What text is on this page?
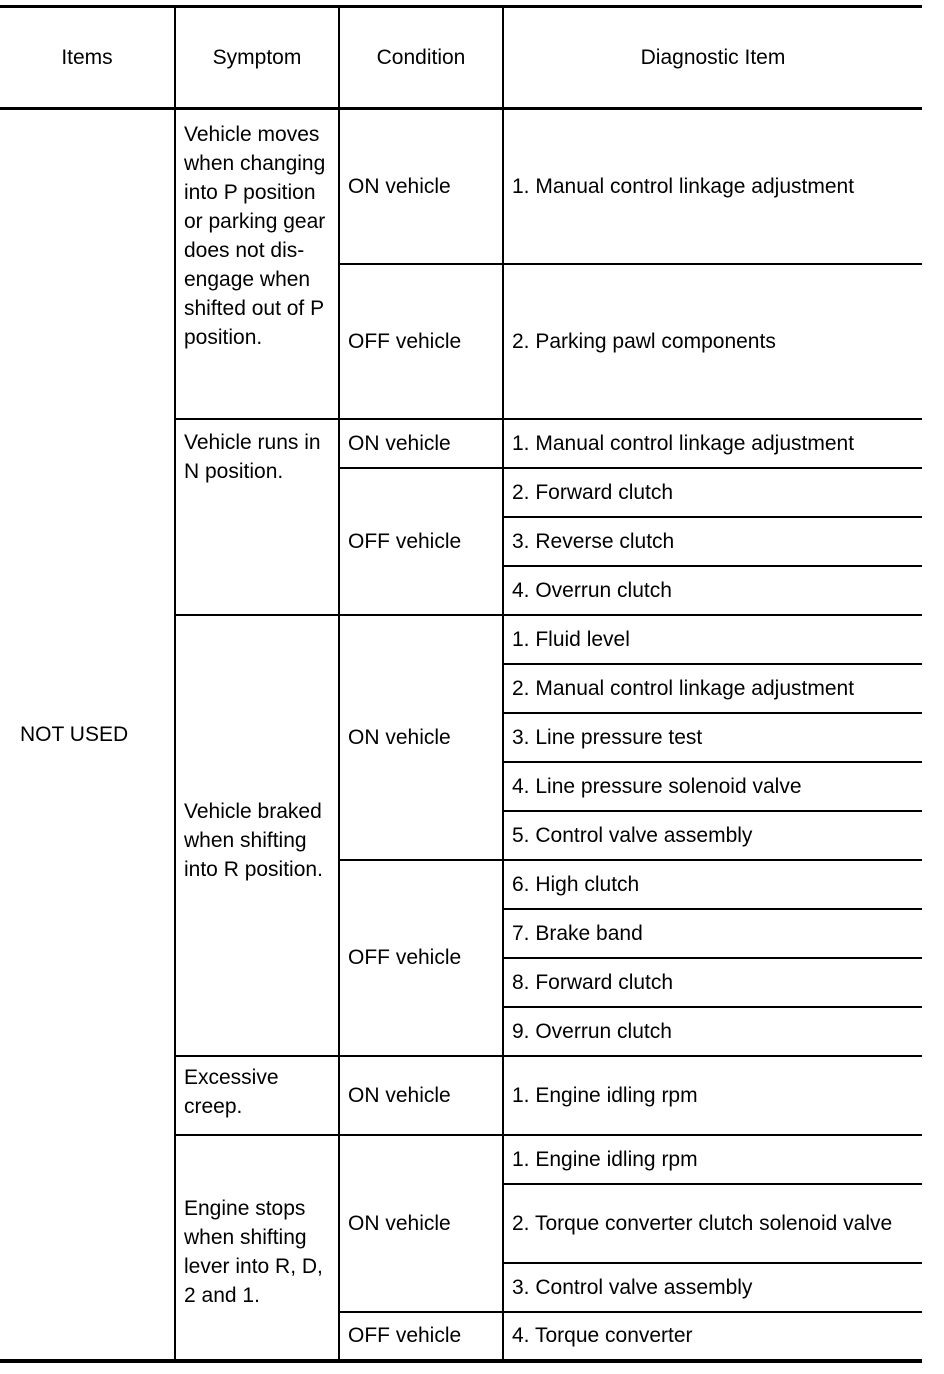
Items	Symptom	Condition	Diagnostic Item
NOT USED	Vehicle moves when changing into P position or parking gear does not dis-engage when shifted out of P position.	ON vehicle	1. Manual control linkage adjustment
		OFF vehicle	2. Parking pawl components
	Vehicle runs in N position.	ON vehicle	1. Manual control linkage adjustment
		OFF vehicle	2. Forward clutch
			3. Reverse clutch
			4. Overrun clutch
	Vehicle braked when shifting into R position.	ON vehicle	1. Fluid level
			2. Manual control linkage adjustment
			3. Line pressure test
			4. Line pressure solenoid valve
			5. Control valve assembly
		OFF vehicle	6. High clutch
			7. Brake band
			8. Forward clutch
			9. Overrun clutch
	Excessive creep.	ON vehicle	1. Engine idling rpm
	Engine stops when shifting lever into R, D, 2 and 1.	ON vehicle	1. Engine idling rpm
			2. Torque converter clutch solenoid valve
			3. Control valve assembly
		OFF vehicle	4. Torque converter
